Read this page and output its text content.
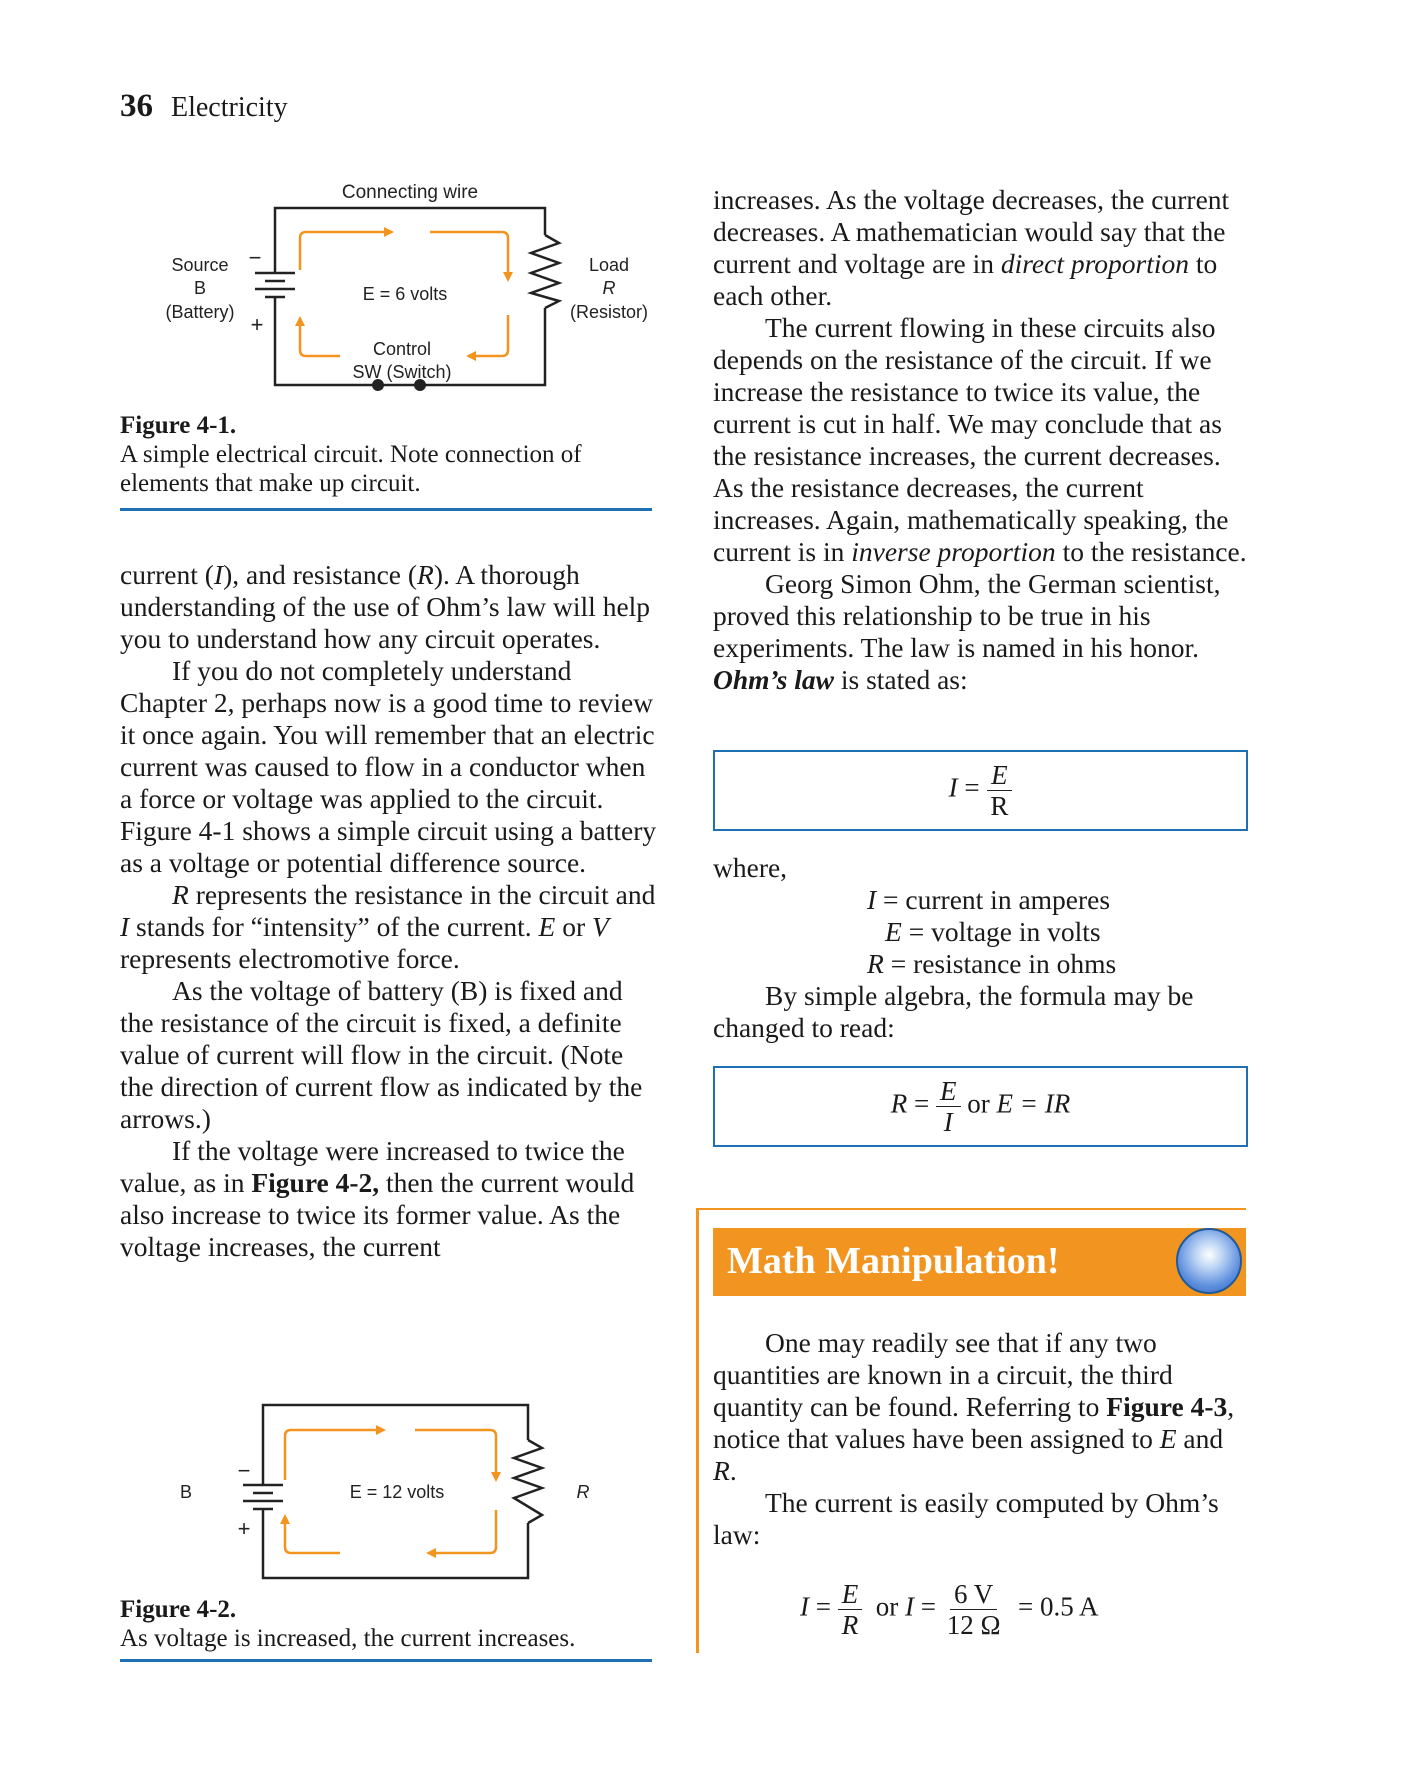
36 Electricity
Connecting wire
−
+
E = 6 volts
Source
B
(Battery)
Load
R
(Resistor)
Control
SW (Switch)
Figure 4-1.
A simple electrical circuit. Note connection of elements that make up circuit.

current (I), and resistance (R). A thorough understanding of the use of Ohm’s law will help you to understand how any circuit operates.

If you do not completely understand Chapter 2, perhaps now is a good time to review it once again. You will remember that an electric current was caused to flow in a conductor when a force or voltage was applied to the circuit. Figure 4-1 shows a simple circuit using a battery as a voltage or potential difference source.

R represents the resistance in the circuit and I stands for “intensity” of the current. E or V represents electromotive force.

As the voltage of battery (B) is fixed and the resistance of the circuit is fixed, a definite value of current will flow in the circuit. (Note the direction of current flow as indicated by the arrows.)

If the voltage were increased to twice the value, as in Figure 4-2, then the current would also increase to twice its former value. As the voltage increases, the current

−
+
B	E = 12 volts	R
Figure 4-2.
As voltage is increased, the current increases.

increases. As the voltage decreases, the current decreases. A mathematician would say that the current and voltage are in direct proportion to each other.

The current flowing in these circuits also depends on the resistance of the circuit. If we increase the resistance to twice its value, the current is cut in half. We may conclude that as the resistance increases, the current decreases. As the resistance decreases, the current increases. Again, mathematically speaking, the current is in inverse proportion to the resistance.

Georg Simon Ohm, the German scientist, proved this relationship to be true in his experiments. The law is named in his honor. Ohm’s law is stated as:

$I = \frac{E}{R}$

where,

I = current in amperes
E = voltage in volts
R = resistance in ohms

By simple algebra, the formula may be changed to read:

$R = \frac{E}{I}$ or E = IR
Math Manipulation!

One may readily see that if any two quantities are known in a circuit, the third quantity can be found. Referring to Figure 4-3, notice that values have been assigned to E and R.

The current is easily computed by Ohm’s law:

$I = \frac{E}{R}$ or $I = \frac{6 V}{12 \Omega} = 0.5$ A
